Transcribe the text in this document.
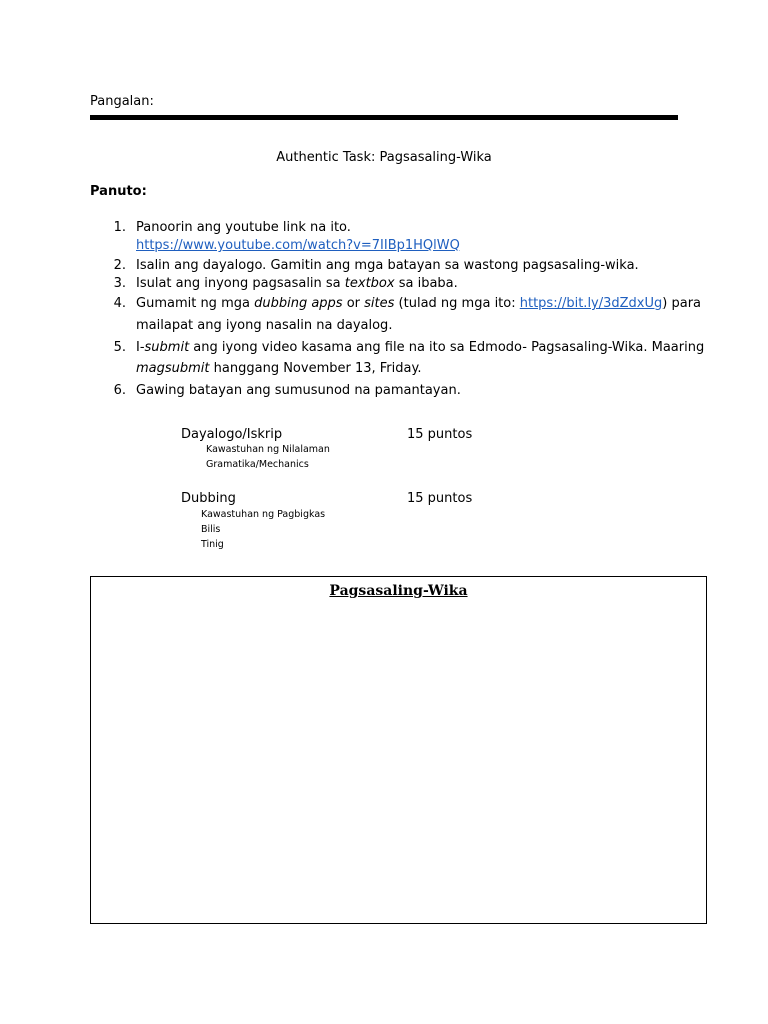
Pangalan:
Authentic Task: Pagsasaling-Wika
Panuto:
1. Panoorin ang youtube link na ito.
https://www.youtube.com/watch?v=7IIBp1HQlWQ
2. Isalin ang dayalogo. Gamitin ang mga batayan sa wastong pagsasaling-wika.
3. Isulat ang inyong pagsasalin sa textbox sa ibaba.
4. Gumamit ng mga dubbing apps or sites (tulad ng mga ito: https://bit.ly/3dZdxUg) para
mailapat ang iyong nasalin na dayalog.
5. I-submit ang iyong video kasama ang file na ito sa Edmodo- Pagsasaling-Wika. Maaring
magsubmit hanggang November 13, Friday.
6. Gawing batayan ang sumusunod na pamantayan.
Dayalogo/Iskrip	15 puntos
Kawastuhan ng Nilalaman
Gramatika/Mechanics
Dubbing	15 puntos
Kawastuhan ng Pagbigkas
Bilis
Tinig
Pagsasaling-Wika
